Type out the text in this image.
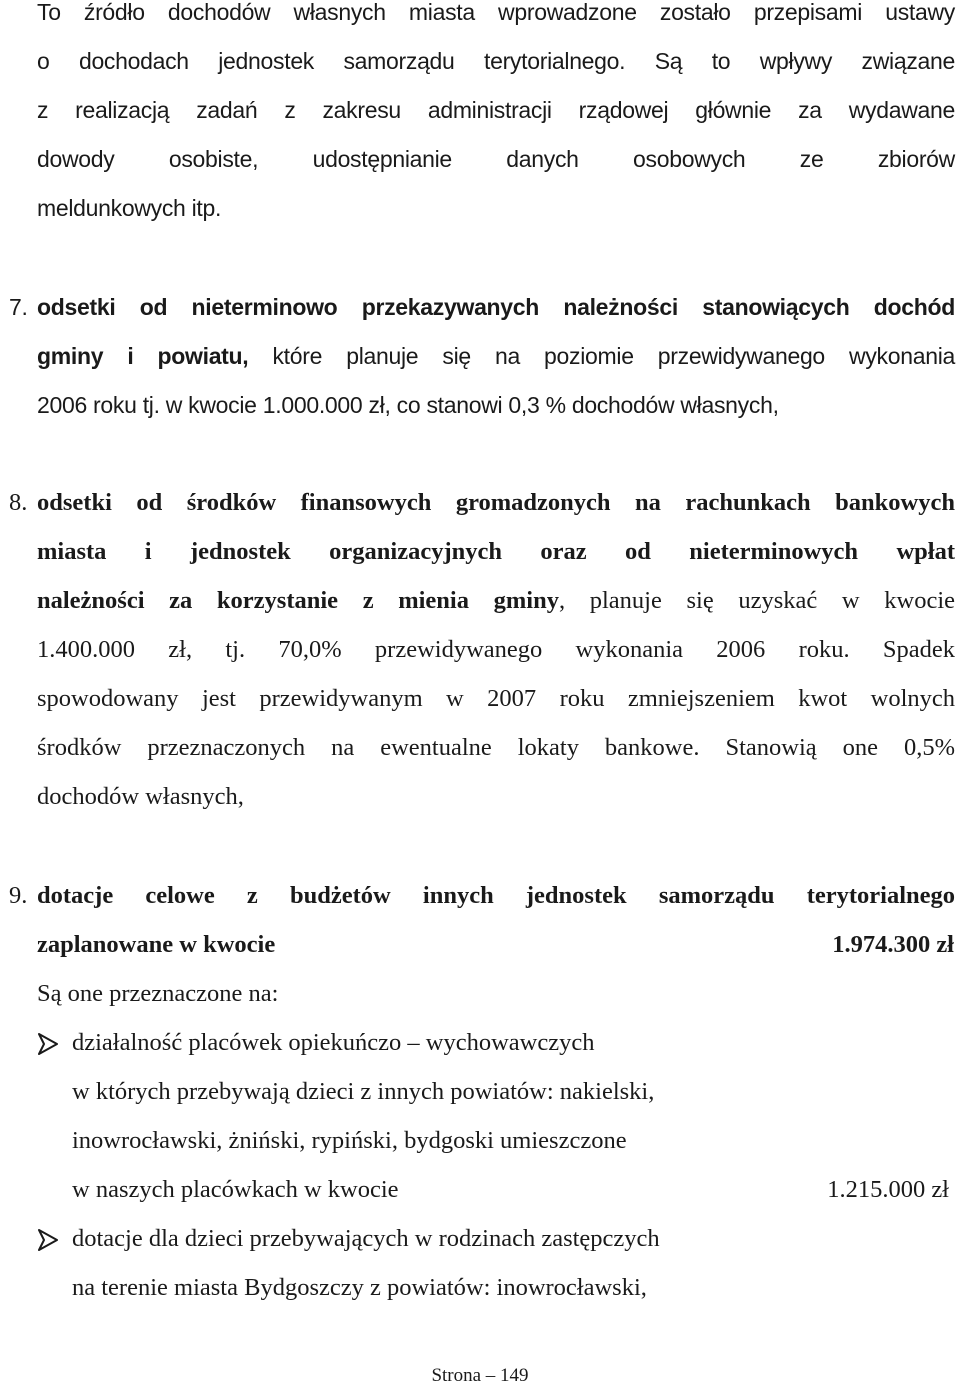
To źródło dochodów własnych miasta wprowadzone zostało przepisami ustawy
o dochodach jednostek samorządu terytorialnego. Są to wpływy związane
z realizacją zadań z zakresu administracji rządowej głównie za wydawane
dowody osobiste, udostępnianie danych osobowych ze zbiorów
meldunkowych itp.
7. odsetki od nieterminowo przekazywanych należności stanowiących dochód
gminy i powiatu, które planuje się na poziomie przewidywanego wykonania
2006 roku tj. w kwocie 1.000.000 zł, co stanowi 0,3 % dochodów własnych,
8. odsetki od środków finansowych gromadzonych na rachunkach bankowych
miasta i jednostek organizacyjnych oraz od nieterminowych wpłat
należności za korzystanie z mienia gminy, planuje się uzyskać w kwocie
1.400.000 zł, tj. 70,0% przewidywanego wykonania 2006 roku. Spadek
spowodowany jest przewidywanym w 2007 roku zmniejszeniem kwot wolnych
środków przeznaczonych na ewentualne lokaty bankowe. Stanowią one 0,5%
dochodów własnych,
9. dotacje celowe z budżetów innych jednostek samorządu terytorialnego
zaplanowane w kwocie	1.974.300 zł
Są one przeznaczone na:
działalność placówek opiekuńczo – wychowawczych
w których przebywają dzieci z innych powiatów: nakielski,
inowrocławski, żniński, rypiński, bydgoski umieszczone
w naszych placówkach w kwocie	1.215.000 zł
dotacje dla dzieci przebywających w rodzinach zastępczych
na terenie miasta Bydgoszczy z powiatów: inowrocławski,
Strona – 149
